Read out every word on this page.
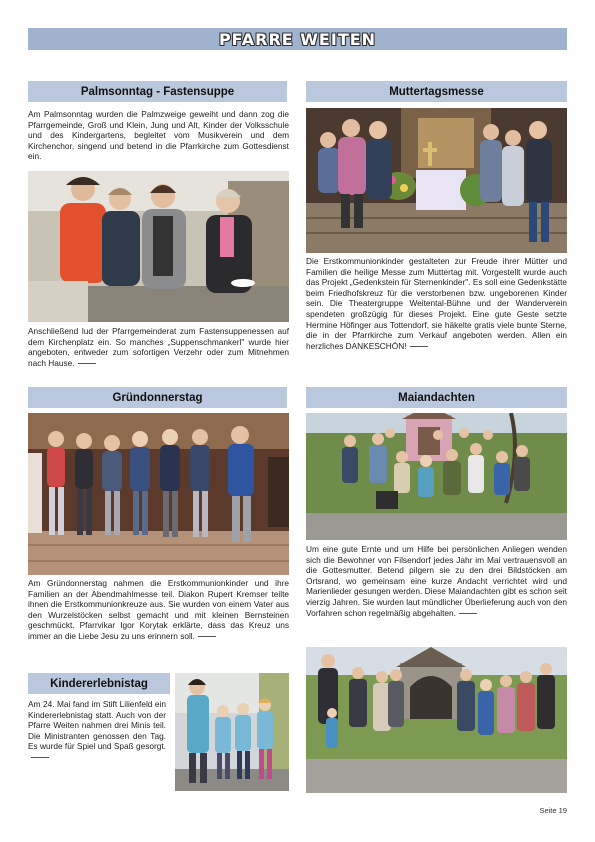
PFARRE WEITEN
Palmsonntag - Fastensuppe
Am Palmsonntag wurden die Palmzweige geweiht und dann zog die Pfarrgemeinde, Groß und Klein, Jung und Alt, Kinder der Volksschule und des Kindergartens, begleitet vom Musikverein und dem Kirchenchor, singend und betend in die Pfarrkirche zum Gottesdienst ein.
Anschließend lud der Pfarrgemeinderat zum Fastensuppenessen auf dem Kirchenplatz ein. So manches „Suppenschmankerl" wurde hier angeboten, entweder zum sofortigen Verzehr oder zum Mitnehmen nach Hause.
Muttertagsmesse
Die Erstkommunionkinder gestalteten zur Freude ihrer Mütter und Familien die heilige Messe zum Muttertag mit. Vorgestellt wurde auch das Projekt „Gedenkstein für Sternenkinder". Es soll eine Gedenkstätte beim Friedhofskreuz für die verstorbenen bzw. ungeborenen Kinder sein. Die Theatergruppe Weitental-Bühne und der Wanderverein spendeten großzügig für dieses Projekt. Eine gute Geste setzte Hermine Höfinger aus Tottendorf, sie häkelte gratis viele bunte Sterne, die in der Pfarrkirche zum Verkauf angeboten werden. Allen ein herzliches DANKESCHÖN!
Gründonnerstag
Am Gründonnerstag nahmen die Erstkommunionkinder und ihre Familien an der Abendmahlmesse teil. Diakon Rupert Kremser teilte ihnen die Erstkommunionkreuze aus. Sie wurden von einem Vater aus den Wurzelstöcken selbst gemacht und mit kleinen Bernsteinen geschmückt. Pfarrvikar Igor Korytak erklärte, dass das Kreuz uns immer an die Liebe Jesu zu uns erinnern soll.
Maiandachten
Um eine gute Ernte und um Hilfe bei persönlichen Anliegen wenden sich die Bewohner von Filsendorf jedes Jahr im Mai vertrauensvoll an die Gottesmutter. Betend pilgern sie zu den drei Bildstöcken am Ortsrand, wo gemeinsam eine kurze Andacht verrichtet wird und Marienlieder gesungen werden. Diese Maiandachten gibt es schon seit vierzig Jahren. Sie wurden laut mündlicher Überlieferung auch von den Vorfahren schon regelmäßig abgehalten.
Kindererlebnistag
Am 24. Mai fand im Stift Lilienfeld ein Kindererlebnistag statt. Auch von der Pfarre Weiten nahmen drei Minis teil. Die Ministranten genossen den Tag. Es wurde für Spiel und Spaß gesorgt.
Seite 19
